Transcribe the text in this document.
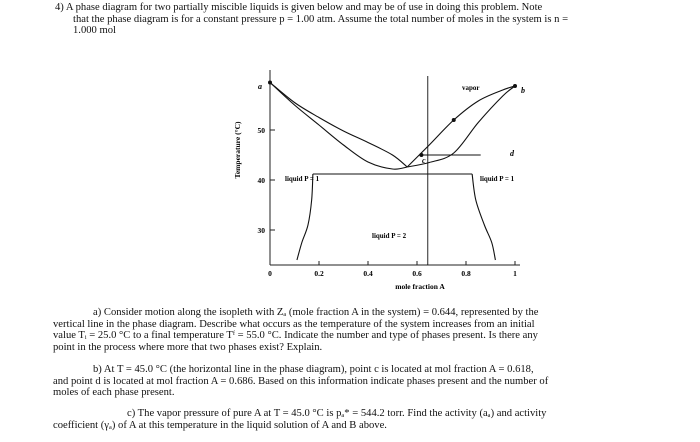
4) A phase diagram for two partially miscible liquids is given below and may be of use in doing this problem. Note
that the phase diagram is for a constant pressure p = 1.00 atm. Assume the total number of moles in the system is n =
1.000 mol
0	0.2	0.4	0.6	0.8	1
30
40
50
Temperature (°C)
mole fraction A
vapor
liquid P = 1	liquid P = 1
liquid P = 2
a	b
c
d
a) Consider motion along the isopleth with Zₐ (mole fraction A in the system) = 0.644, represented by the
vertical line in the phase diagram. Describe what occurs as the temperature of the system increases from an initial
value Tᵢ = 25.0 °C to a final temperature Tᶠ = 55.0 °C. Indicate the number and type of phases present. Is there any
point in the process where more that two phases exist? Explain.
b) At T = 45.0 °C (the horizontal line in the phase diagram), point c is located at mol fraction A = 0.618,
and point d is located at mol fraction A = 0.686. Based on this information indicate phases present and the number of
moles of each phase present.
c) The vapor pressure of pure A at T = 45.0 °C is pₐ* = 544.2 torr. Find the activity (aₐ) and activity
coefficient (γₐ) of A at this temperature in the liquid solution of A and B above.
